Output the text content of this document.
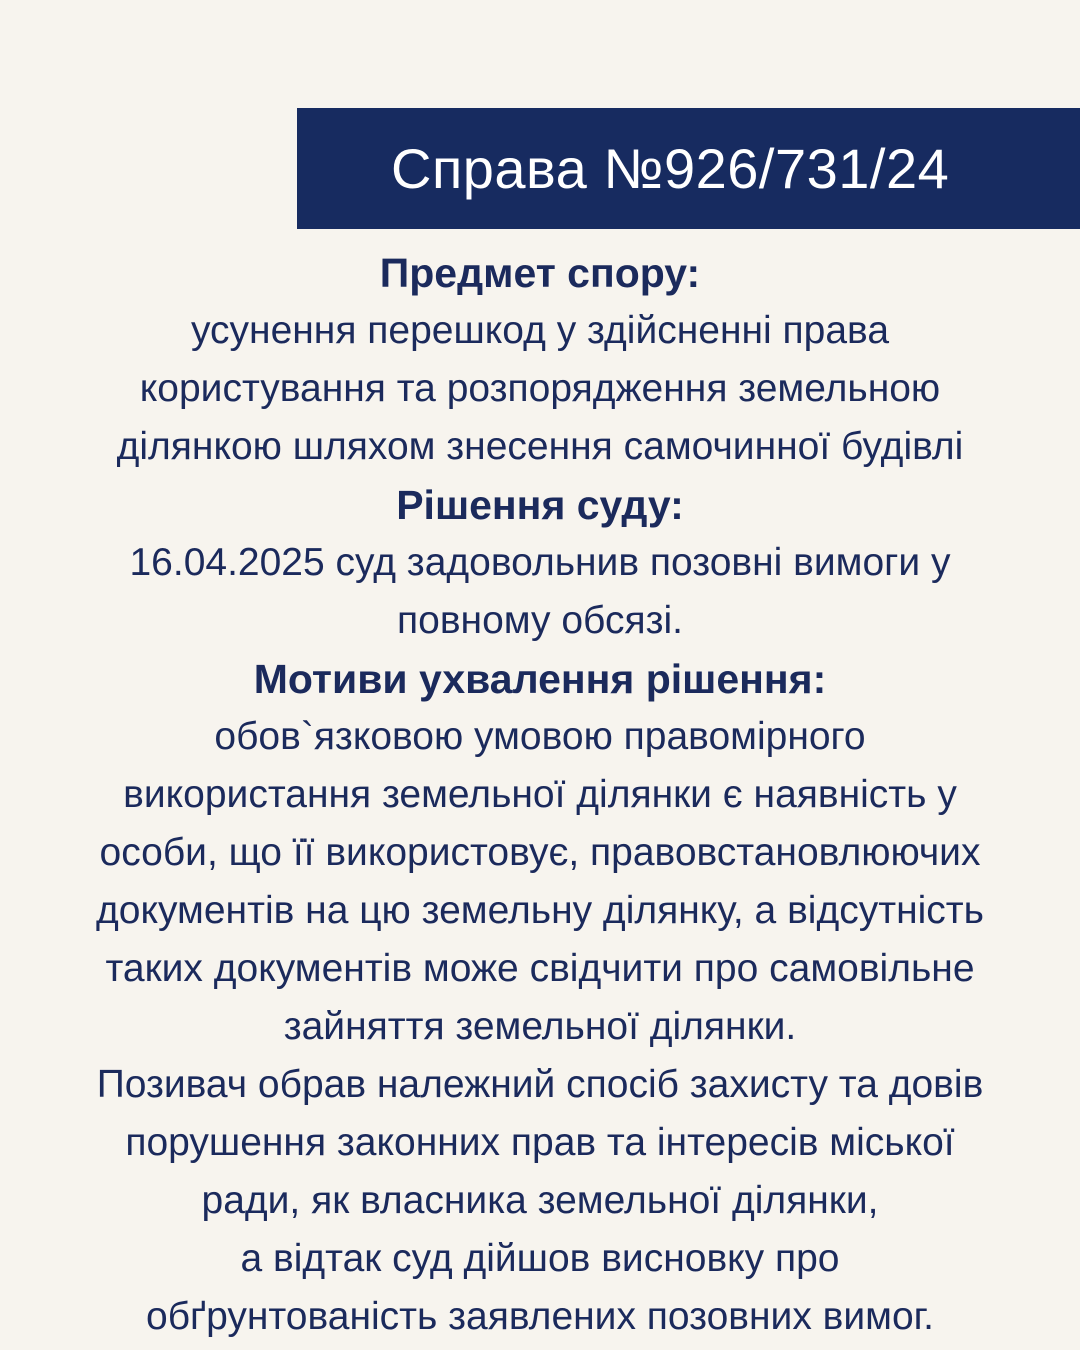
Справа №926/731/24
Предмет спору:
усунення перешкод у здійсненні права
користування та розпорядження земельною
ділянкою шляхом знесення самочинної будівлі
Рішення суду:
16.04.2025 суд задовольнив позовні вимоги у
повному обсязі.
Мотиви ухвалення рішення:
обов`язковою умовою правомірного
використання земельної ділянки є наявність у
особи, що її використовує, правовстановлюючих
документів на цю земельну ділянку, а відсутність
таких документів може свідчити про самовільне
зайняття земельної ділянки.
Позивач обрав належний спосіб захисту та довів
порушення законних прав та інтересів міської
ради, як власника земельної ділянки,
а відтак суд дійшов висновку про
обґрунтованість заявлених позовних вимог.
